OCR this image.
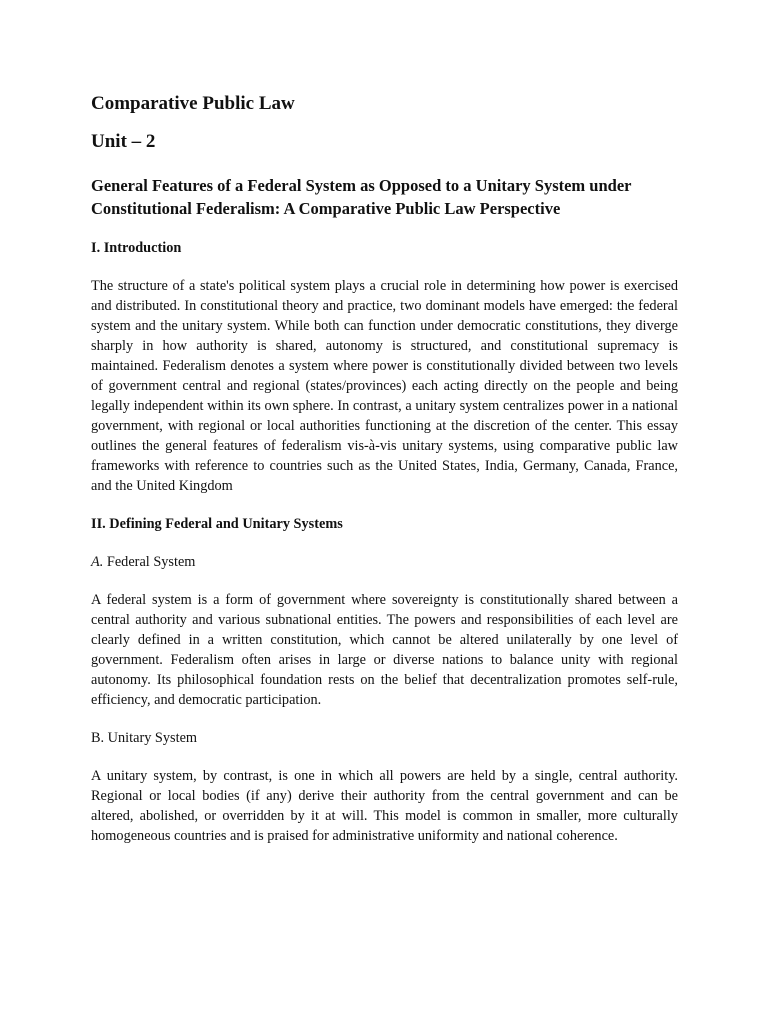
Comparative Public Law
Unit – 2
General Features of a Federal System as Opposed to a Unitary System under Constitutional Federalism: A Comparative Public Law Perspective
I. Introduction

The structure of a state's political system plays a crucial role in determining how power is exercised and distributed. In constitutional theory and practice, two dominant models have emerged: the federal system and the unitary system. While both can function under democratic constitutions, they diverge sharply in how authority is shared, autonomy is structured, and constitutional supremacy is maintained. Federalism denotes a system where power is constitutionally divided between two levels of government central and regional (states/provinces) each acting directly on the people and being legally independent within its own sphere. In contrast, a unitary system centralizes power in a national government, with regional or local authorities functioning at the discretion of the center. This essay outlines the general features of federalism vis-à-vis unitary systems, using comparative public law frameworks with reference to countries such as the United States, India, Germany, Canada, France, and the United Kingdom

II. Defining Federal and Unitary Systems
A. Federal System

A federal system is a form of government where sovereignty is constitutionally shared between a central authority and various subnational entities. The powers and responsibilities of each level are clearly defined in a written constitution, which cannot be altered unilaterally by one level of government. Federalism often arises in large or diverse nations to balance unity with regional autonomy. Its philosophical foundation rests on the belief that decentralization promotes self-rule, efficiency, and democratic participation.

B. Unitary System

A unitary system, by contrast, is one in which all powers are held by a single, central authority. Regional or local bodies (if any) derive their authority from the central government and can be altered, abolished, or overridden by it at will. This model is common in smaller, more culturally homogeneous countries and is praised for administrative uniformity and national coherence.
